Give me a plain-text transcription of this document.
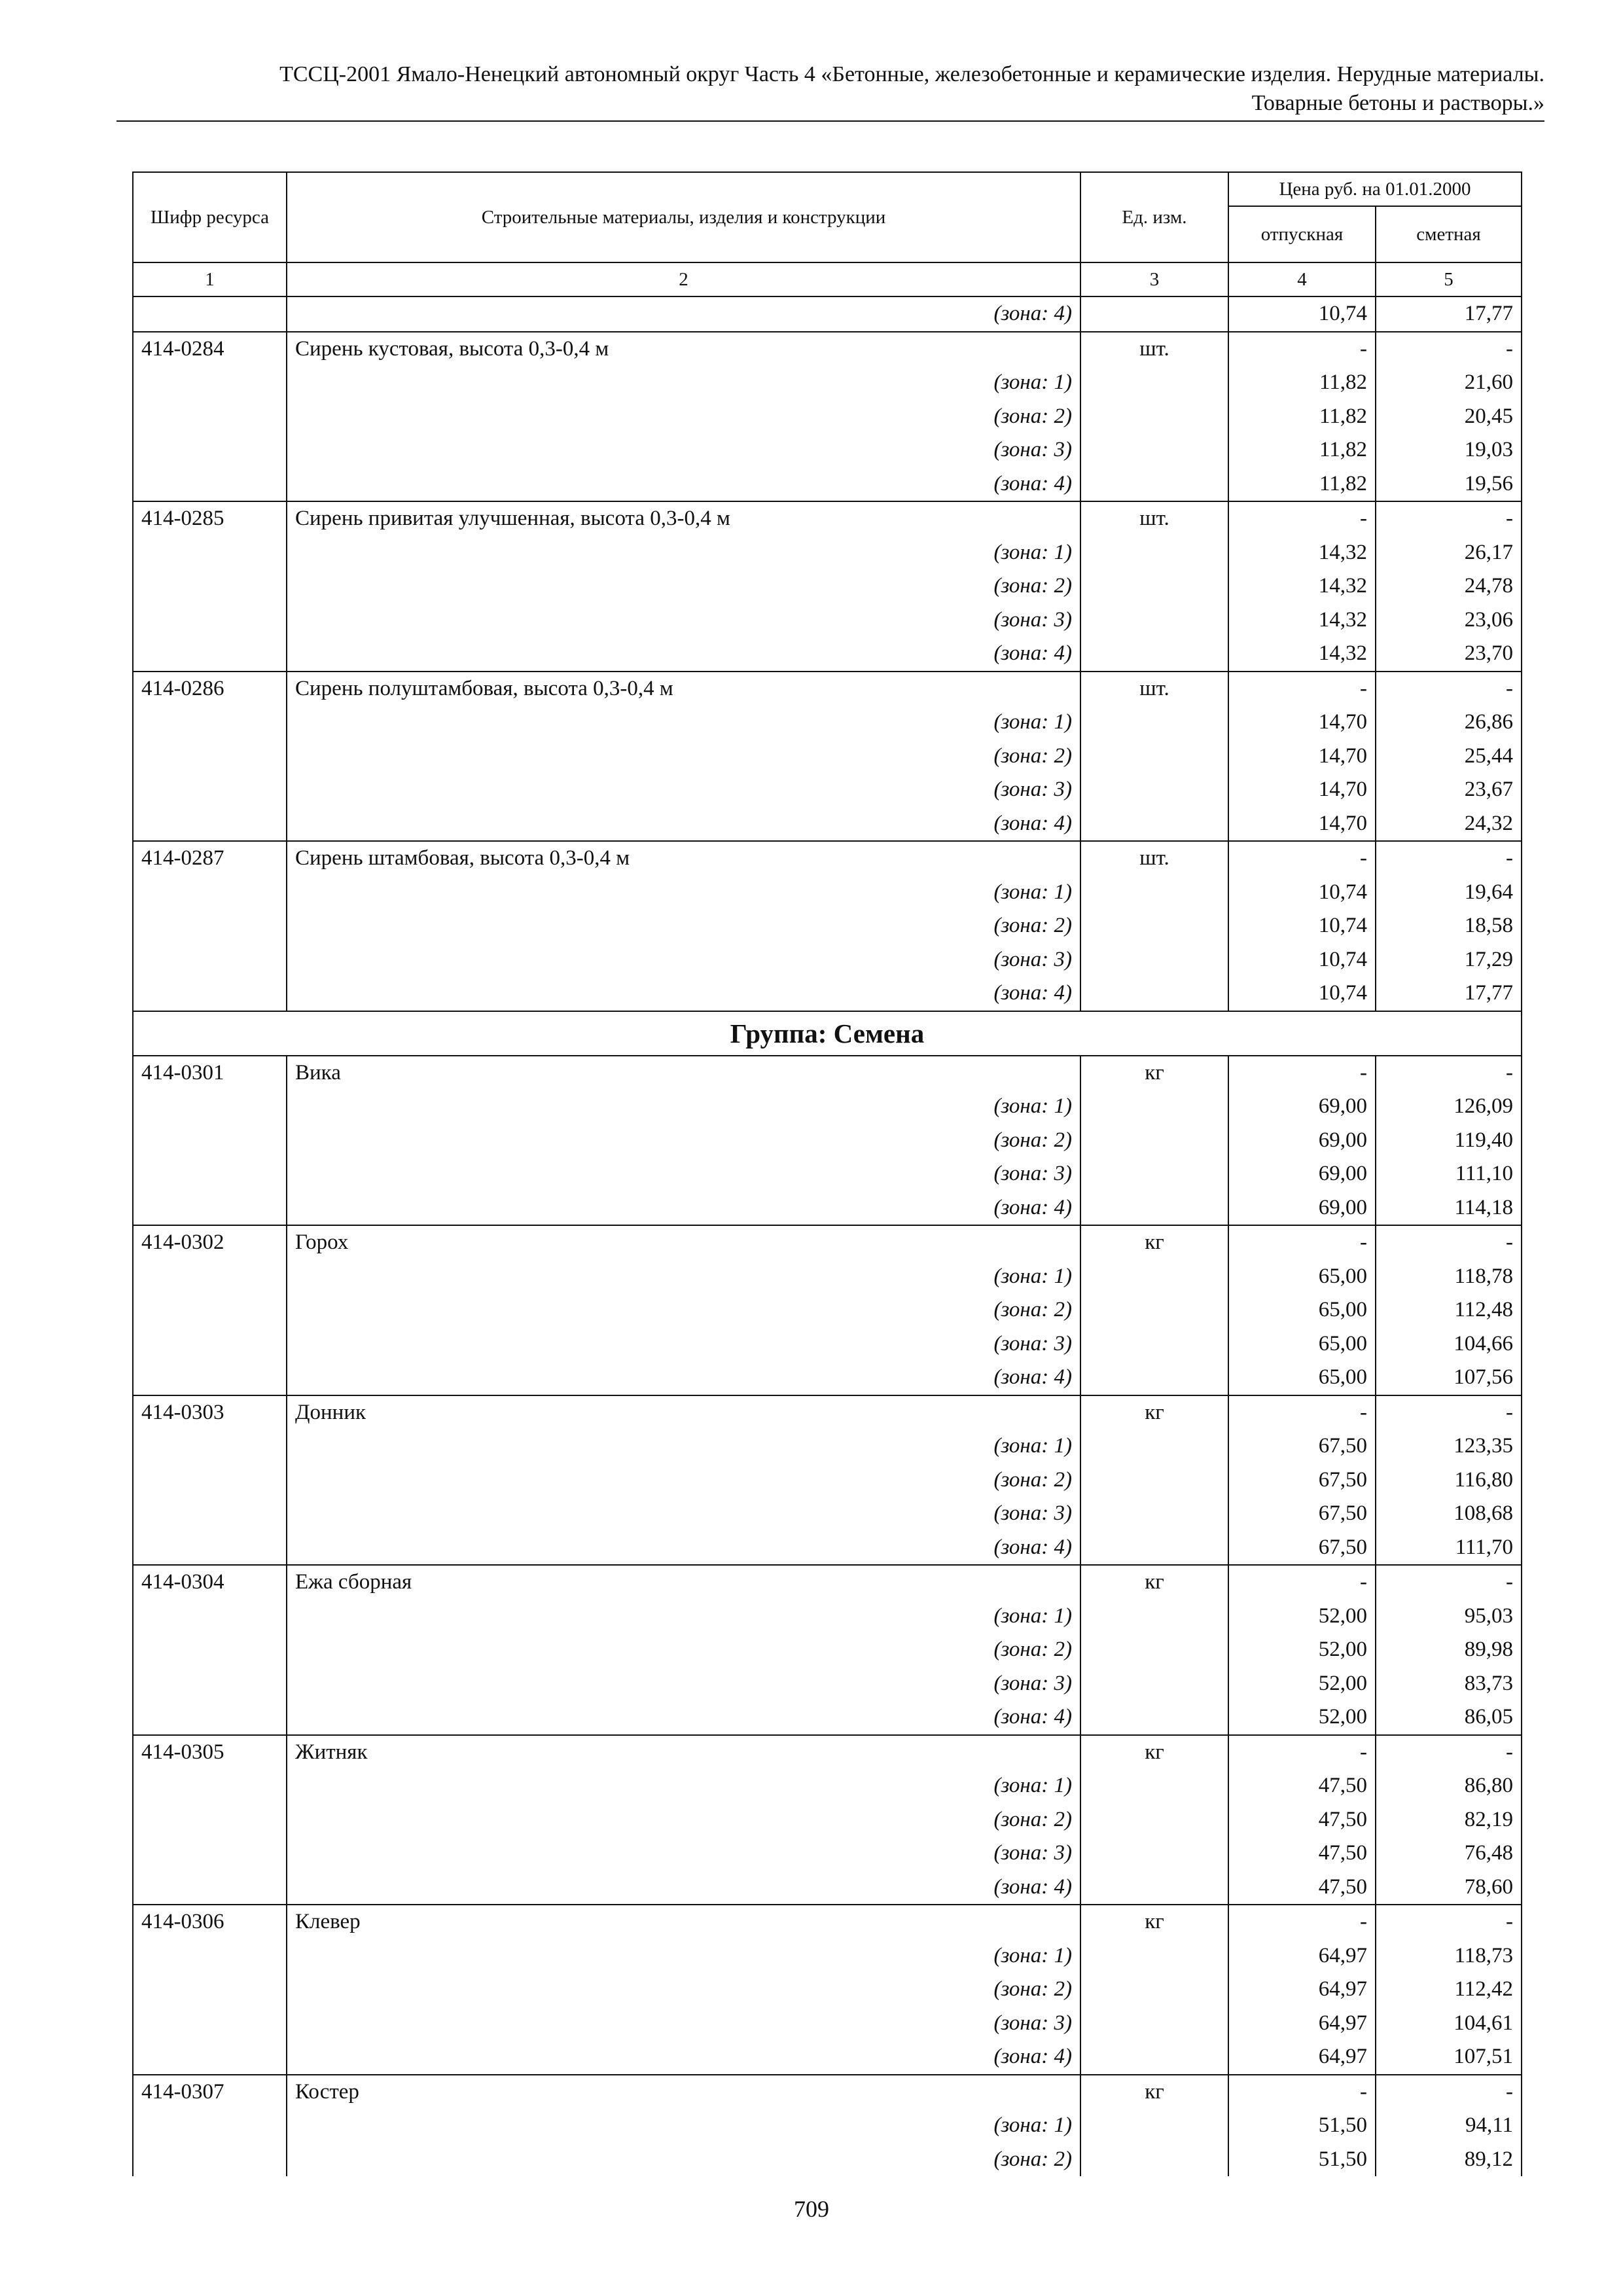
ТССЦ-2001 Ямало-Ненецкий автономный округ Часть 4 «Бетонные, железобетонные и керамические изделия. Нерудные материалы.
Товарные бетоны и растворы.»
Шифр ресурса	Строительные материалы, изделия и конструкции	Ед. изм.	Цена руб. на 01.01.2000	
			отпускная	сметная
1	2	3	4	5

	(зона: 4)		10,74	17,77
414-0284	Сирень кустовая, высота 0,3-0,4 м	шт.	-	-

	(зона: 1)		11,82	21,60

	(зона: 2)		11,82	20,45

	(зона: 3)		11,82	19,03

	(зона: 4)		11,82	19,56
414-0285	Сирень привитая улучшенная, высота 0,3-0,4 м	шт.	-	-

	(зона: 1)		14,32	26,17

	(зона: 2)		14,32	24,78

	(зона: 3)		14,32	23,06

	(зона: 4)		14,32	23,70
414-0286	Сирень полуштамбовая, высота 0,3-0,4 м	шт.	-	-

	(зона: 1)		14,70	26,86

	(зона: 2)		14,70	25,44

	(зона: 3)		14,70	23,67

	(зона: 4)		14,70	24,32
414-0287	Сирень штамбовая, высота 0,3-0,4 м	шт.	-	-

	(зона: 1)		10,74	19,64

	(зона: 2)		10,74	18,58

	(зона: 3)		10,74	17,29

	(зона: 4)		10,74	17,77
Группа: Семена				
414-0301	Вика	кг	-	-

	(зона: 1)		69,00	126,09

	(зона: 2)		69,00	119,40

	(зона: 3)		69,00	111,10

	(зона: 4)		69,00	114,18
414-0302	Горох	кг	-	-

	(зона: 1)		65,00	118,78

	(зона: 2)		65,00	112,48

	(зона: 3)		65,00	104,66

	(зона: 4)		65,00	107,56
414-0303	Донник	кг	-	-

	(зона: 1)		67,50	123,35

	(зона: 2)		67,50	116,80

	(зона: 3)		67,50	108,68

	(зона: 4)		67,50	111,70
414-0304	Ежа сборная	кг	-	-

	(зона: 1)		52,00	95,03

	(зона: 2)		52,00	89,98

	(зона: 3)		52,00	83,73

	(зона: 4)		52,00	86,05
414-0305	Житняк	кг	-	-

	(зона: 1)		47,50	86,80

	(зона: 2)		47,50	82,19

	(зона: 3)		47,50	76,48

	(зона: 4)		47,50	78,60
414-0306	Клевер	кг	-	-

	(зона: 1)		64,97	118,73

	(зона: 2)		64,97	112,42

	(зона: 3)		64,97	104,61

	(зона: 4)		64,97	107,51
414-0307	Костер	кг	-	-

	(зона: 1)		51,50	94,11

	(зона: 2)		51,50	89,12
709
